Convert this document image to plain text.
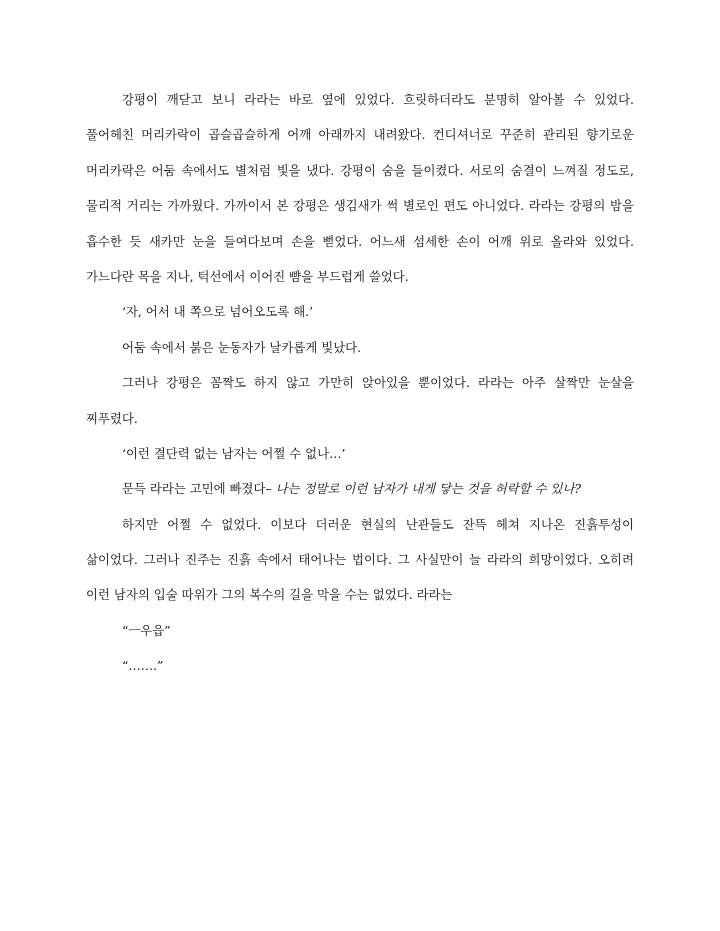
강평이 깨닫고 보니 라라는 바로 옆에 있었다. 흐릿하더라도 분명히 알아볼 수 있었다.
풀어헤친 머리카락이 곱슬곱슬하게 어깨 아래까지 내려왔다. 컨디셔너로 꾸준히 관리된 향기로운
머리카락은 어둠 속에서도 별처럼 빛을 냈다. 강평이 숨을 들이켰다. 서로의 숨결이 느껴질 정도로,
물리적 거리는 가까웠다. 가까이서 본 강평은 생김새가 썩 별로인 편도 아니었다. 라라는 강평의 밤을
흡수한 듯 새카만 눈을 들여다보며 손을 뻗었다. 어느새 섬세한 손이 어깨 위로 올라와 있었다.
가느다란 목을 지나, 턱선에서 이어진 뺨을 부드럽게 쓸었다.
‘자, 어서 내 쪽으로 넘어오도록 해.’
어둠 속에서 붉은 눈동자가 날카롭게 빛났다.
그러나 강평은 꼼짝도 하지 않고 가만히 앉아있을 뿐이었다. 라라는 아주 살짝만 눈살을
찌푸렸다.
‘이런 결단력 없는 남자는 어쩔 수 없나…’
문득 라라는 고민에 빠졌다– 나는 정말로 이런 남자가 내게 닿는 것을 허락할 수 있나?
하지만 어쩔 수 없었다. 이보다 더러운 현실의 난관들도 잔뜩 헤쳐 지나온 진흙투성이
삶이었다. 그러나 진주는 진흙 속에서 태어나는 법이다. 그 사실만이 늘 라라의 희망이었다. 오히려
이런 남자의 입술 따위가 그의 복수의 길을 막을 수는 없었다. 라라는
“ㅡ우읍”
“…….”
